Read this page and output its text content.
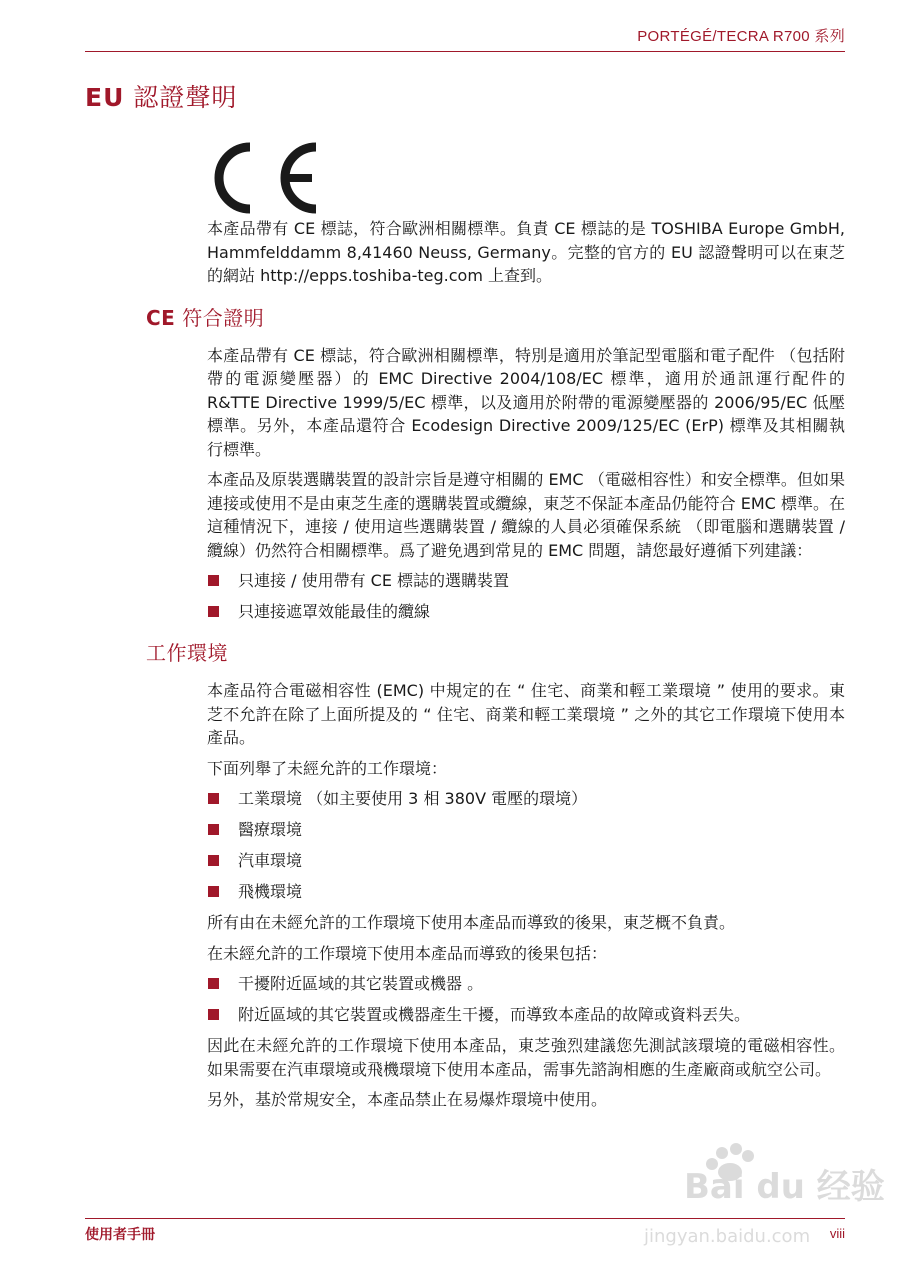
PORTÉGÉ/TECRA R700 系列
EU 認證聲明

本產品帶有 CE 標誌，符合歐洲相關標準。負責 CE 標誌的是 TOSHIBA Europe GmbH, Hammfelddamm 8,41460 Neuss, Germany。完整的官方的 EU 認證聲明可以在東芝的網站 http://epps.toshiba-teg.com 上查到。

CE 符合證明

本產品帶有 CE 標誌，符合歐洲相關標準，特別是適用於筆記型電腦和電子配件 （包括附帶的電源變壓器）的 EMC Directive 2004/108/EC 標準，適用於通訊運行配件的 R&TTE Directive 1999/5/EC 標準，以及適用於附帶的電源變壓器的 2006/95/EC 低壓標準。另外，本產品還符合 Ecodesign Directive 2009/125/EC (ErP) 標準及其相關執行標準。

本產品及原裝選購裝置的設計宗旨是遵守相關的 EMC （電磁相容性）和安全標準。但如果連接或使用不是由東芝生產的選購裝置或纜線，東芝不保証本產品仍能符合 EMC 標準。在這種情況下，連接 / 使用這些選購裝置 / 纜線的人員必須確保系統 （即電腦和選購裝置 / 纜線）仍然符合相關標準。爲了避免遇到常見的 EMC 問題，請您最好遵循下列建議：

只連接 / 使用帶有 CE 標誌的選購裝置
只連接遮罩效能最佳的纜線
工作環境

本產品符合電磁相容性 (EMC) 中規定的在 “ 住宅、商業和輕工業環境 ” 使用的要求。東芝不允許在除了上面所提及的 “ 住宅、商業和輕工業環境 ” 之外的其它工作環境下使用本產品。

下面列舉了未經允許的工作環境：

工業環境 （如主要使用 3 相 380V 電壓的環境）
醫療環境
汽車環境
飛機環境

所有由在未經允許的工作環境下使用本產品而導致的後果，東芝概不負責。

在未經允許的工作環境下使用本產品而導致的後果包括：

干擾附近區域的其它裝置或機器 。
附近區域的其它裝置或機器產生干擾，而導致本產品的故障或資料丟失。

因此在未經允許的工作環境下使用本產品，東芝強烈建議您先測試該環境的電磁相容性。如果需要在汽車環境或飛機環境下使用本產品，需事先諮詢相應的生產廠商或航空公司。

另外，基於常規安全，本產品禁止在易爆炸環境中使用。

Bai du 经验
jingyan.baidu.com
使用者手冊	viii
